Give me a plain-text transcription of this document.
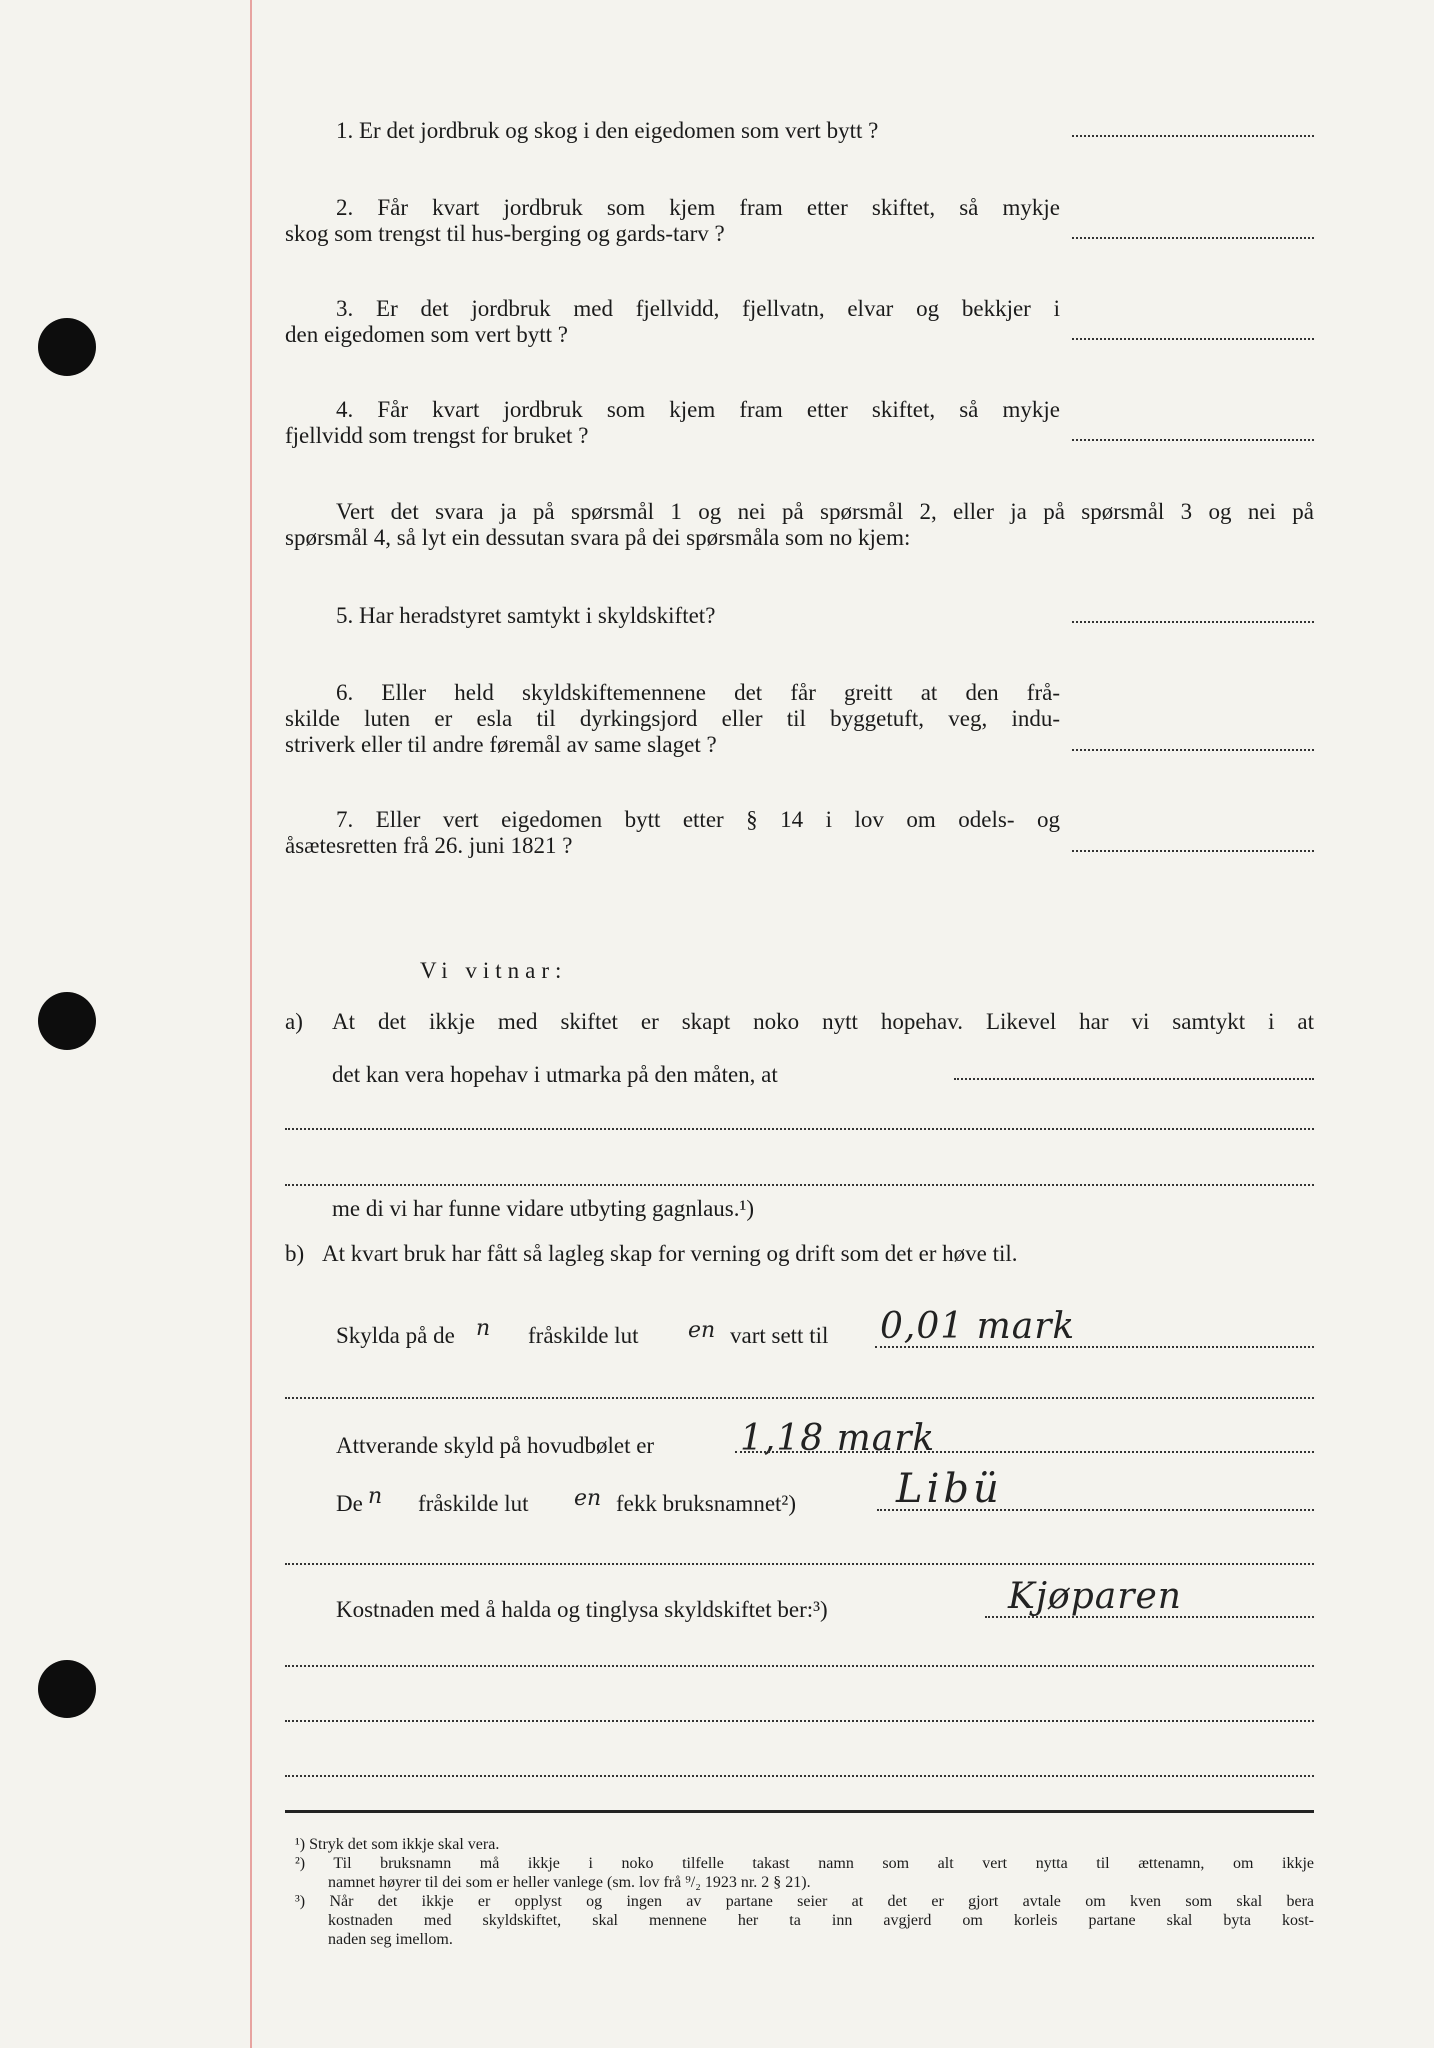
1. Er det jordbruk og skog i den eigedomen som vert bytt ?
2. Får kvart jordbruk som kjem fram etter skiftet, så mykje
skog som trengst til hus-berging og gards-tarv ?
3. Er det jordbruk med fjellvidd, fjellvatn, elvar og bekkjer i
den eigedomen som vert bytt ?
4. Får kvart jordbruk som kjem fram etter skiftet, så mykje
fjellvidd som trengst for bruket ?
Vert det svara ja på spørsmål 1 og nei på spørsmål 2, eller ja på spørsmål 3 og nei på
spørsmål 4, så lyt ein dessutan svara på dei spørsmåla som no kjem:
5. Har heradstyret samtykt i skyldskiftet?
6. Eller held skyldskiftemennene det får greitt at den frå-
skilde luten er esla til dyrkingsjord eller til byggetuft, veg, indu-
striverk eller til andre føremål av same slaget ?
7. Eller vert eigedomen bytt etter § 14 i lov om odels- og
åsætesretten frå 26. juni 1821 ?
Vi vitnar:
a) At det ikkje med skiftet er skapt noko nytt hopehav. Likevel har vi samtykt i at
det kan vera hopehav i utmarka på den måten, at
me di vi har funne vidare utbyting gagnlaus.¹)
b) At kvart bruk har fått så lagleg skap for verning og drift som det er høve til.
Skylda på de n fråskilde lut en vart sett til 0,01 mark
Attverande skyld på hovudbølet er 1,18 mark
De n fråskilde lut en fekk bruksnamnet²)	Libü
Kostnaden med å halda og tinglysa skyldskiftet ber:³)	Kjøparen
¹) Stryk det som ikkje skal vera.
²) Til bruksnamn må ikkje i noko tilfelle takast namn som alt vert nytta til ættenamn, om ikkje
namnet høyrer til dei som er heller vanlege (sm. lov frå ⁹/₂ 1923 nr. 2 § 21).
³) Når det ikkje er opplyst og ingen av partane seier at det er gjort avtale om kven som skal bera
kostnaden med skyldskiftet, skal mennene her ta inn avgjerd om korleis partane skal byta kost-
naden seg imellom.
